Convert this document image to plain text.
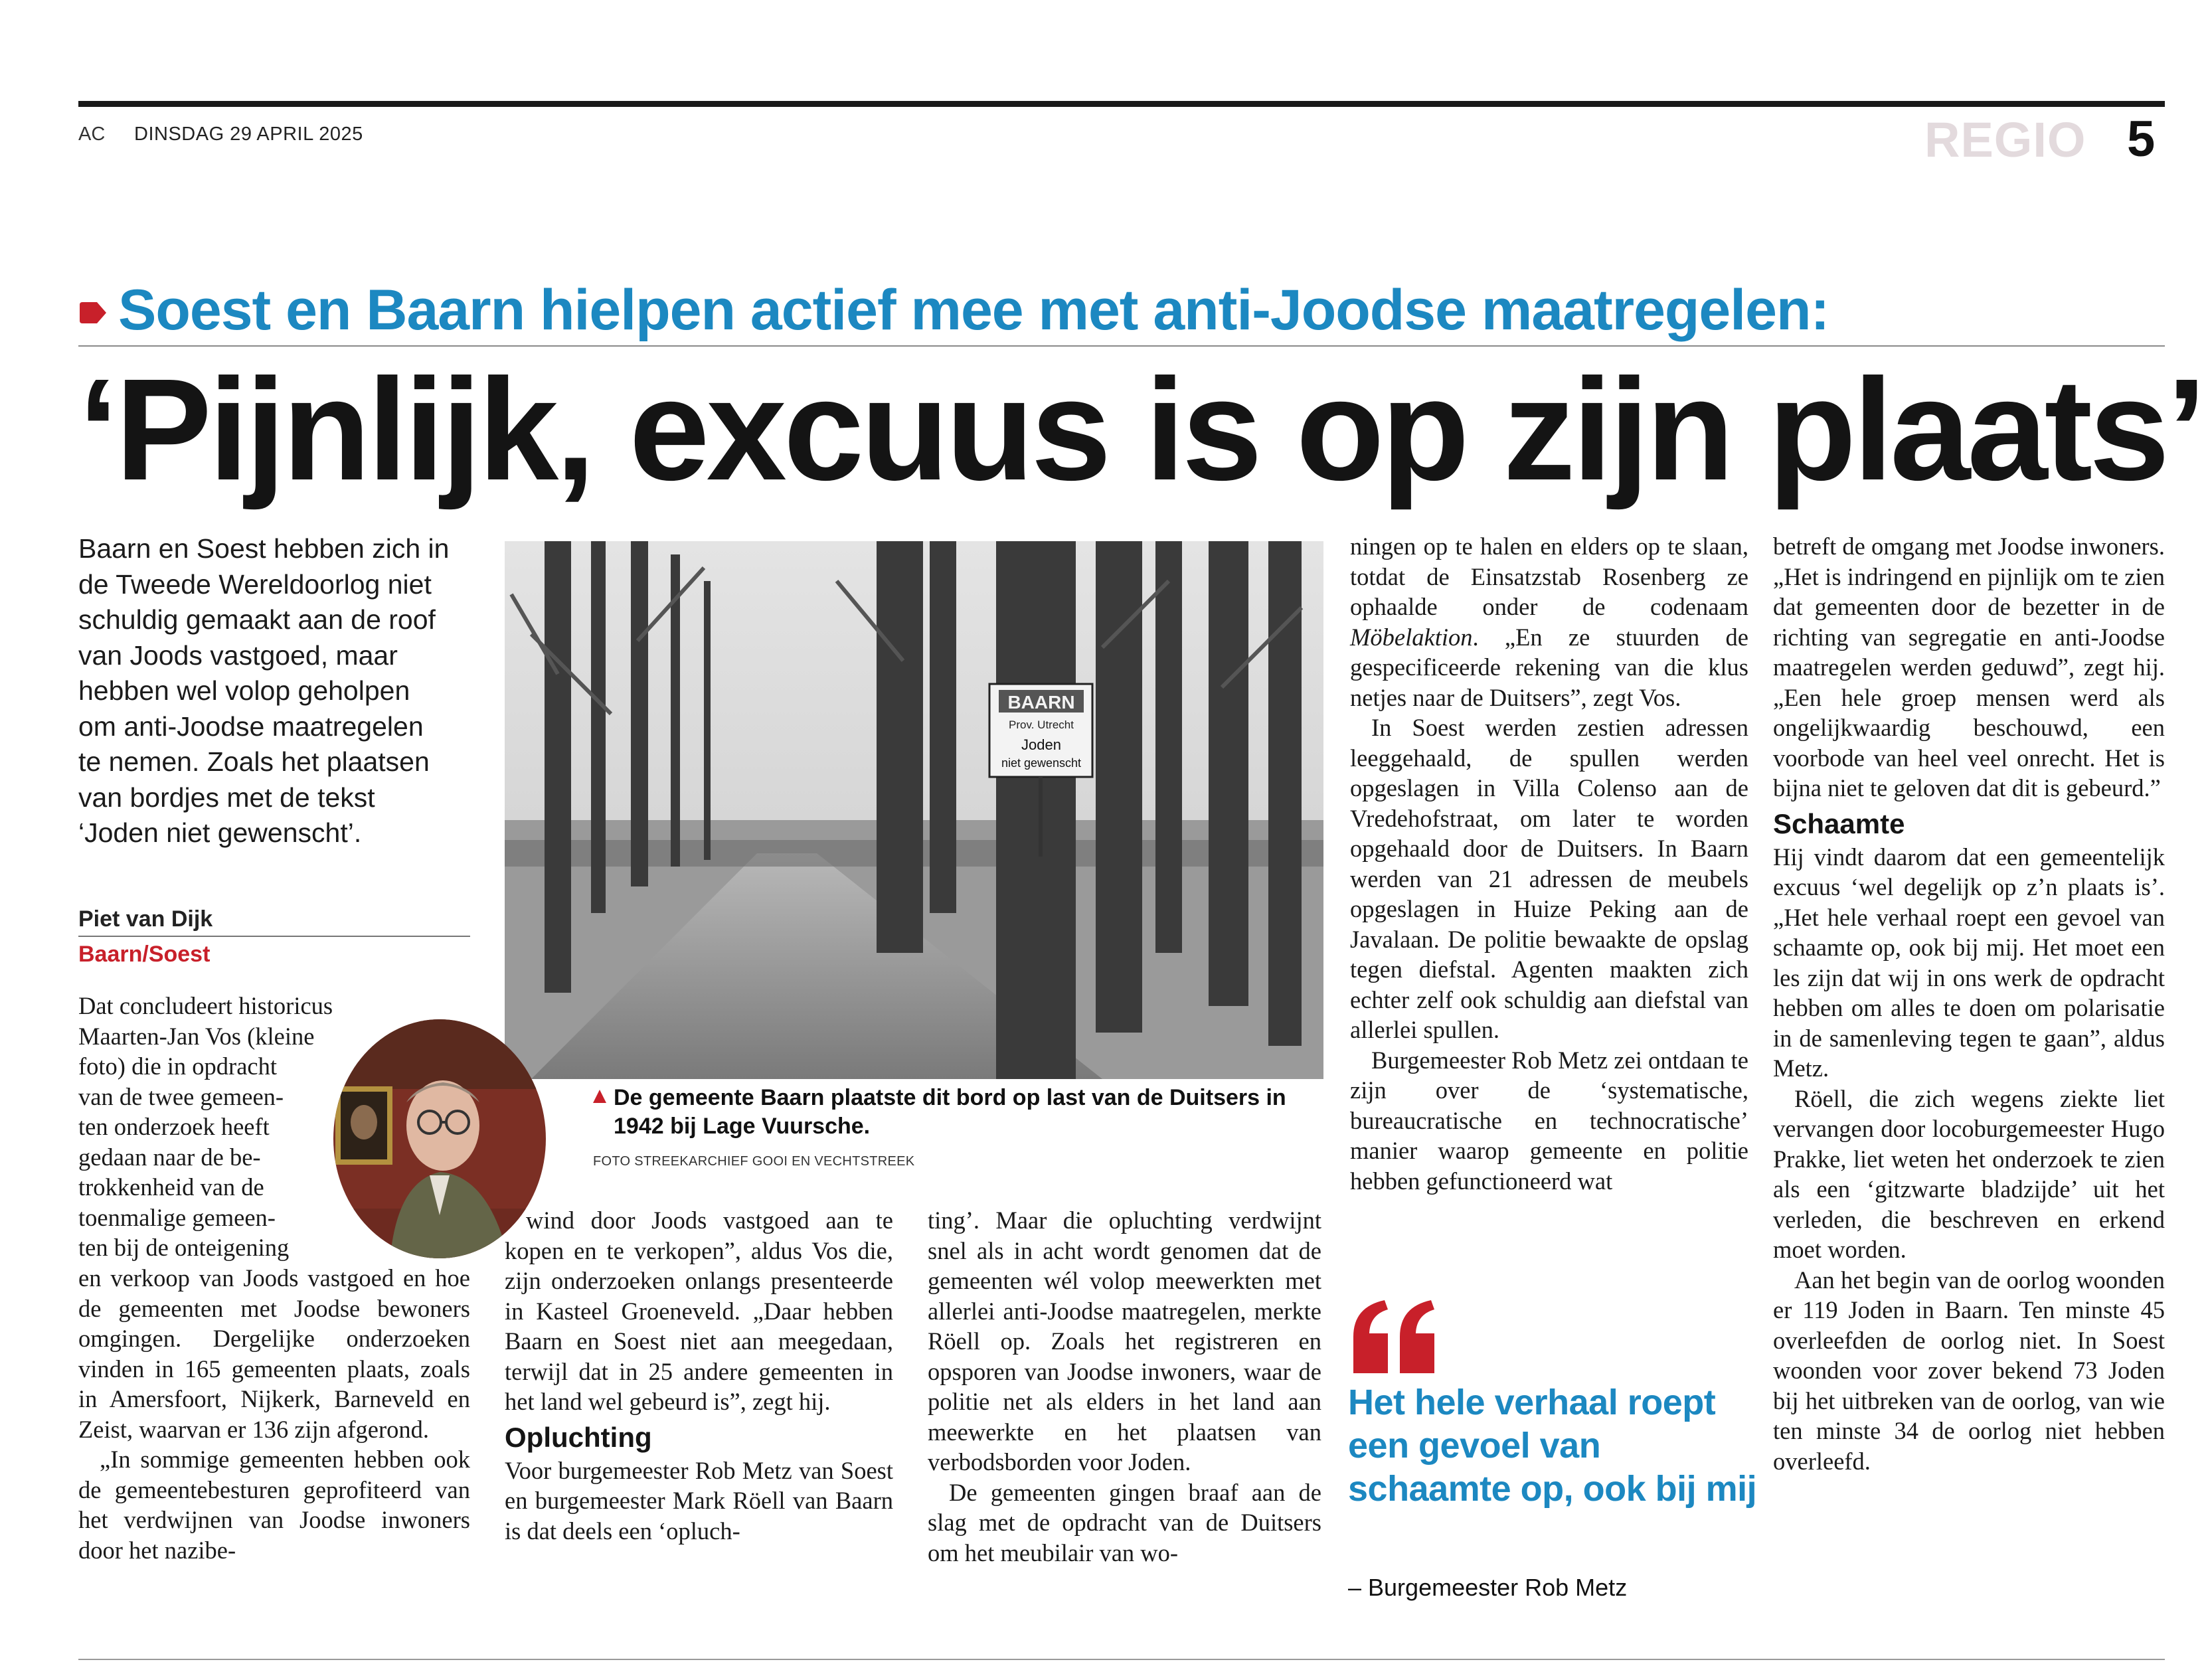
AC DINSDAG 29 APRIL 2025	REGIO 5
Soest en Baarn hielpen actief mee met anti-Joodse maatregelen:
‘Pijnlijk, excuus is op zijn plaats’

Baarn en Soest hebben zich in

de Tweede Wereldoorlog niet

schuldig gemaakt aan de roof

van Joods vastgoed, maar

hebben wel volop geholpen

om anti-Joodse maatregelen

te nemen. Zoals het plaatsen

van bordjes met de tekst

‘Joden niet gewenscht’.

Piet van Dijk
Baarn/Soest

Dat concludeert historicus

Maarten-Jan Vos (kleine

foto) die in opdracht

van de twee gemeen-

ten onderzoek heeft

gedaan naar de be-

trokkenheid van de

toenmalige gemeen-

ten bij de onteigening

en verkoop van Joods vastgoed en hoe de gemeenten met Joodse bewoners omgingen. Dergelijke onderzoeken vinden in 165 gemeenten plaats, zoals in Amersfoort, Nijkerk, Barneveld en Zeist, waarvan er 136 zijn afgerond.

„In sommige gemeenten hebben ook de gemeentebesturen geprofiteerd van het verdwijnen van Joodse inwoners door het nazibe-

wind door Joods vastgoed aan te kopen en te verkopen”, aldus Vos die, zijn onderzoeken onlangs presenteerde in Kasteel Groeneveld. „Daar hebben Baarn en Soest niet aan meegedaan, terwijl dat in 25 andere gemeenten in het land wel gebeurd is”, zegt hij.

Opluchting

Voor burgemeester Rob Metz van Soest en burgemeester Mark Röell van Baarn is dat deels een ‘opluch-

ting’. Maar die opluchting verdwijnt snel als in acht wordt genomen dat de gemeenten wél volop meewerkten met allerlei anti-Joodse maatregelen, merkte Röell op. Zoals het registreren en opsporen van Joodse inwoners, waar de politie net als elders in het land aan meewerkte en het plaatsen van verbodsborden voor Joden.

De gemeenten gingen braaf aan de slag met de opdracht van de Duitsers om het meubilair van wo-

ningen op te halen en elders op te slaan, totdat de Einsatzstab Rosenberg ze ophaalde onder de codenaam Möbelaktion. „En ze stuurden de gespecificeerde rekening van die klus netjes naar de Duitsers”, zegt Vos.

In Soest werden zestien adressen leeggehaald, de spullen werden opgeslagen in Villa Colenso aan de Vredehofstraat, om later te worden opgehaald door de Duitsers. In Baarn werden van 21 adressen de meubels opgeslagen in Huize Peking aan de Javalaan. De politie bewaakte de opslag tegen diefstal. Agenten maakten zich echter zelf ook schuldig aan diefstal van allerlei spullen.

Burgemeester Rob Metz zei ontdaan te zijn over de ‘systematische, bureaucratische en technocratische’ manier waarop gemeente en politie hebben gefunctioneerd wat

betreft de omgang met Joodse inwoners. „Het is indringend en pijnlijk om te zien dat gemeenten door de bezetter in de richting van segregatie en anti-Joodse maatregelen werden geduwd”, zegt hij. „Een hele groep mensen werd als ongelijkwaardig beschouwd, een voorbode van heel veel onrecht. Het is bijna niet te geloven dat dit is gebeurd.”

Schaamte

Hij vindt daarom dat een gemeentelijk excuus ‘wel degelijk op z’n plaats is’. „Het hele verhaal roept een gevoel van schaamte op, ook bij mij. Het moet een les zijn dat wij in ons werk de opdracht hebben om alles te doen om polarisatie in de samenleving tegen te gaan”, aldus Metz.

Röell, die zich wegens ziekte liet vervangen door locoburgemeester Hugo Prakke, liet weten het onderzoek te zien als een ‘gitzwarte bladzijde’ uit het verleden, die beschreven en erkend moet worden.

Aan het begin van de oorlog woonden er 119 Joden in Baarn. Ten minste 45 overleefden de oorlog niet. In Soest woonden voor zover bekend 73 Joden bij het uitbreken van de oorlog, van wie ten minste 34 de oorlog niet hebben overleefd.

BAARN
Prov. Utrecht
Joden
niet gewenscht
De gemeente Baarn plaatste dit bord op last van de Duitsers in 1942 bij Lage Vuursche.
FOTO STREEKARCHIEF GOOI EN VECHTSTREEK
Het hele verhaal roept een gevoel van schaamte op, ook bij mij
– Burgemeester Rob Metz
